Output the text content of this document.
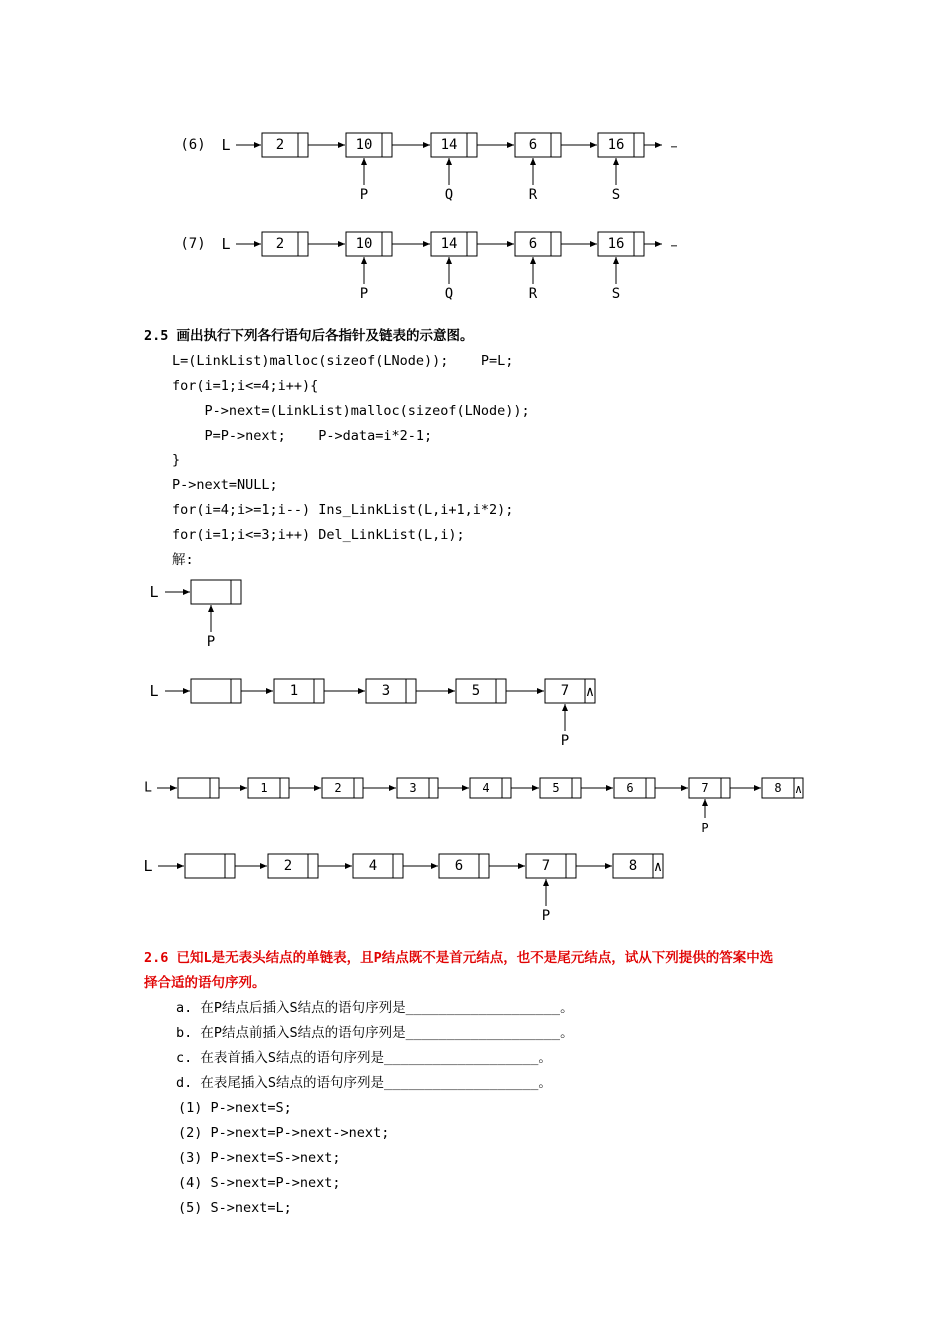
(6) L	2	10	14	6	16	…
P	Q	R	S
(7) L	2	10	14	6	16	…
P	Q	R	S
L
P
L	1	3	5	7 ∧
P
L	1	2	3	4	5	6	7	8 ∧
P
L	2	4	6	7	8 ∧
P
2.5 画出执行下列各行语句后各指针及链表的示意图。
L=(LinkList)malloc(sizeof(LNode));    P=L;
for(i=1;i<=4;i++){
P->next=(LinkList)malloc(sizeof(LNode));
P=P->next;    P->data=i*2-1;
}
P->next=NULL;
for(i=4;i>=1;i--) Ins_LinkList(L,i+1,i*2);
for(i=1;i<=3;i++) Del_LinkList(L,i);
解:
2.6 已知L是无表头结点的单链表，且P结点既不是首元结点，也不是尾元结点，试从下列提供的答案中选
择合适的语句序列。
a. 在P结点后插入S结点的语句序列是___________________。
b. 在P结点前插入S结点的语句序列是___________________。
c. 在表首插入S结点的语句序列是___________________。
d. 在表尾插入S结点的语句序列是___________________。
(1) P->next=S;
(2) P->next=P->next->next;
(3) P->next=S->next;
(4) S->next=P->next;
(5) S->next=L;
